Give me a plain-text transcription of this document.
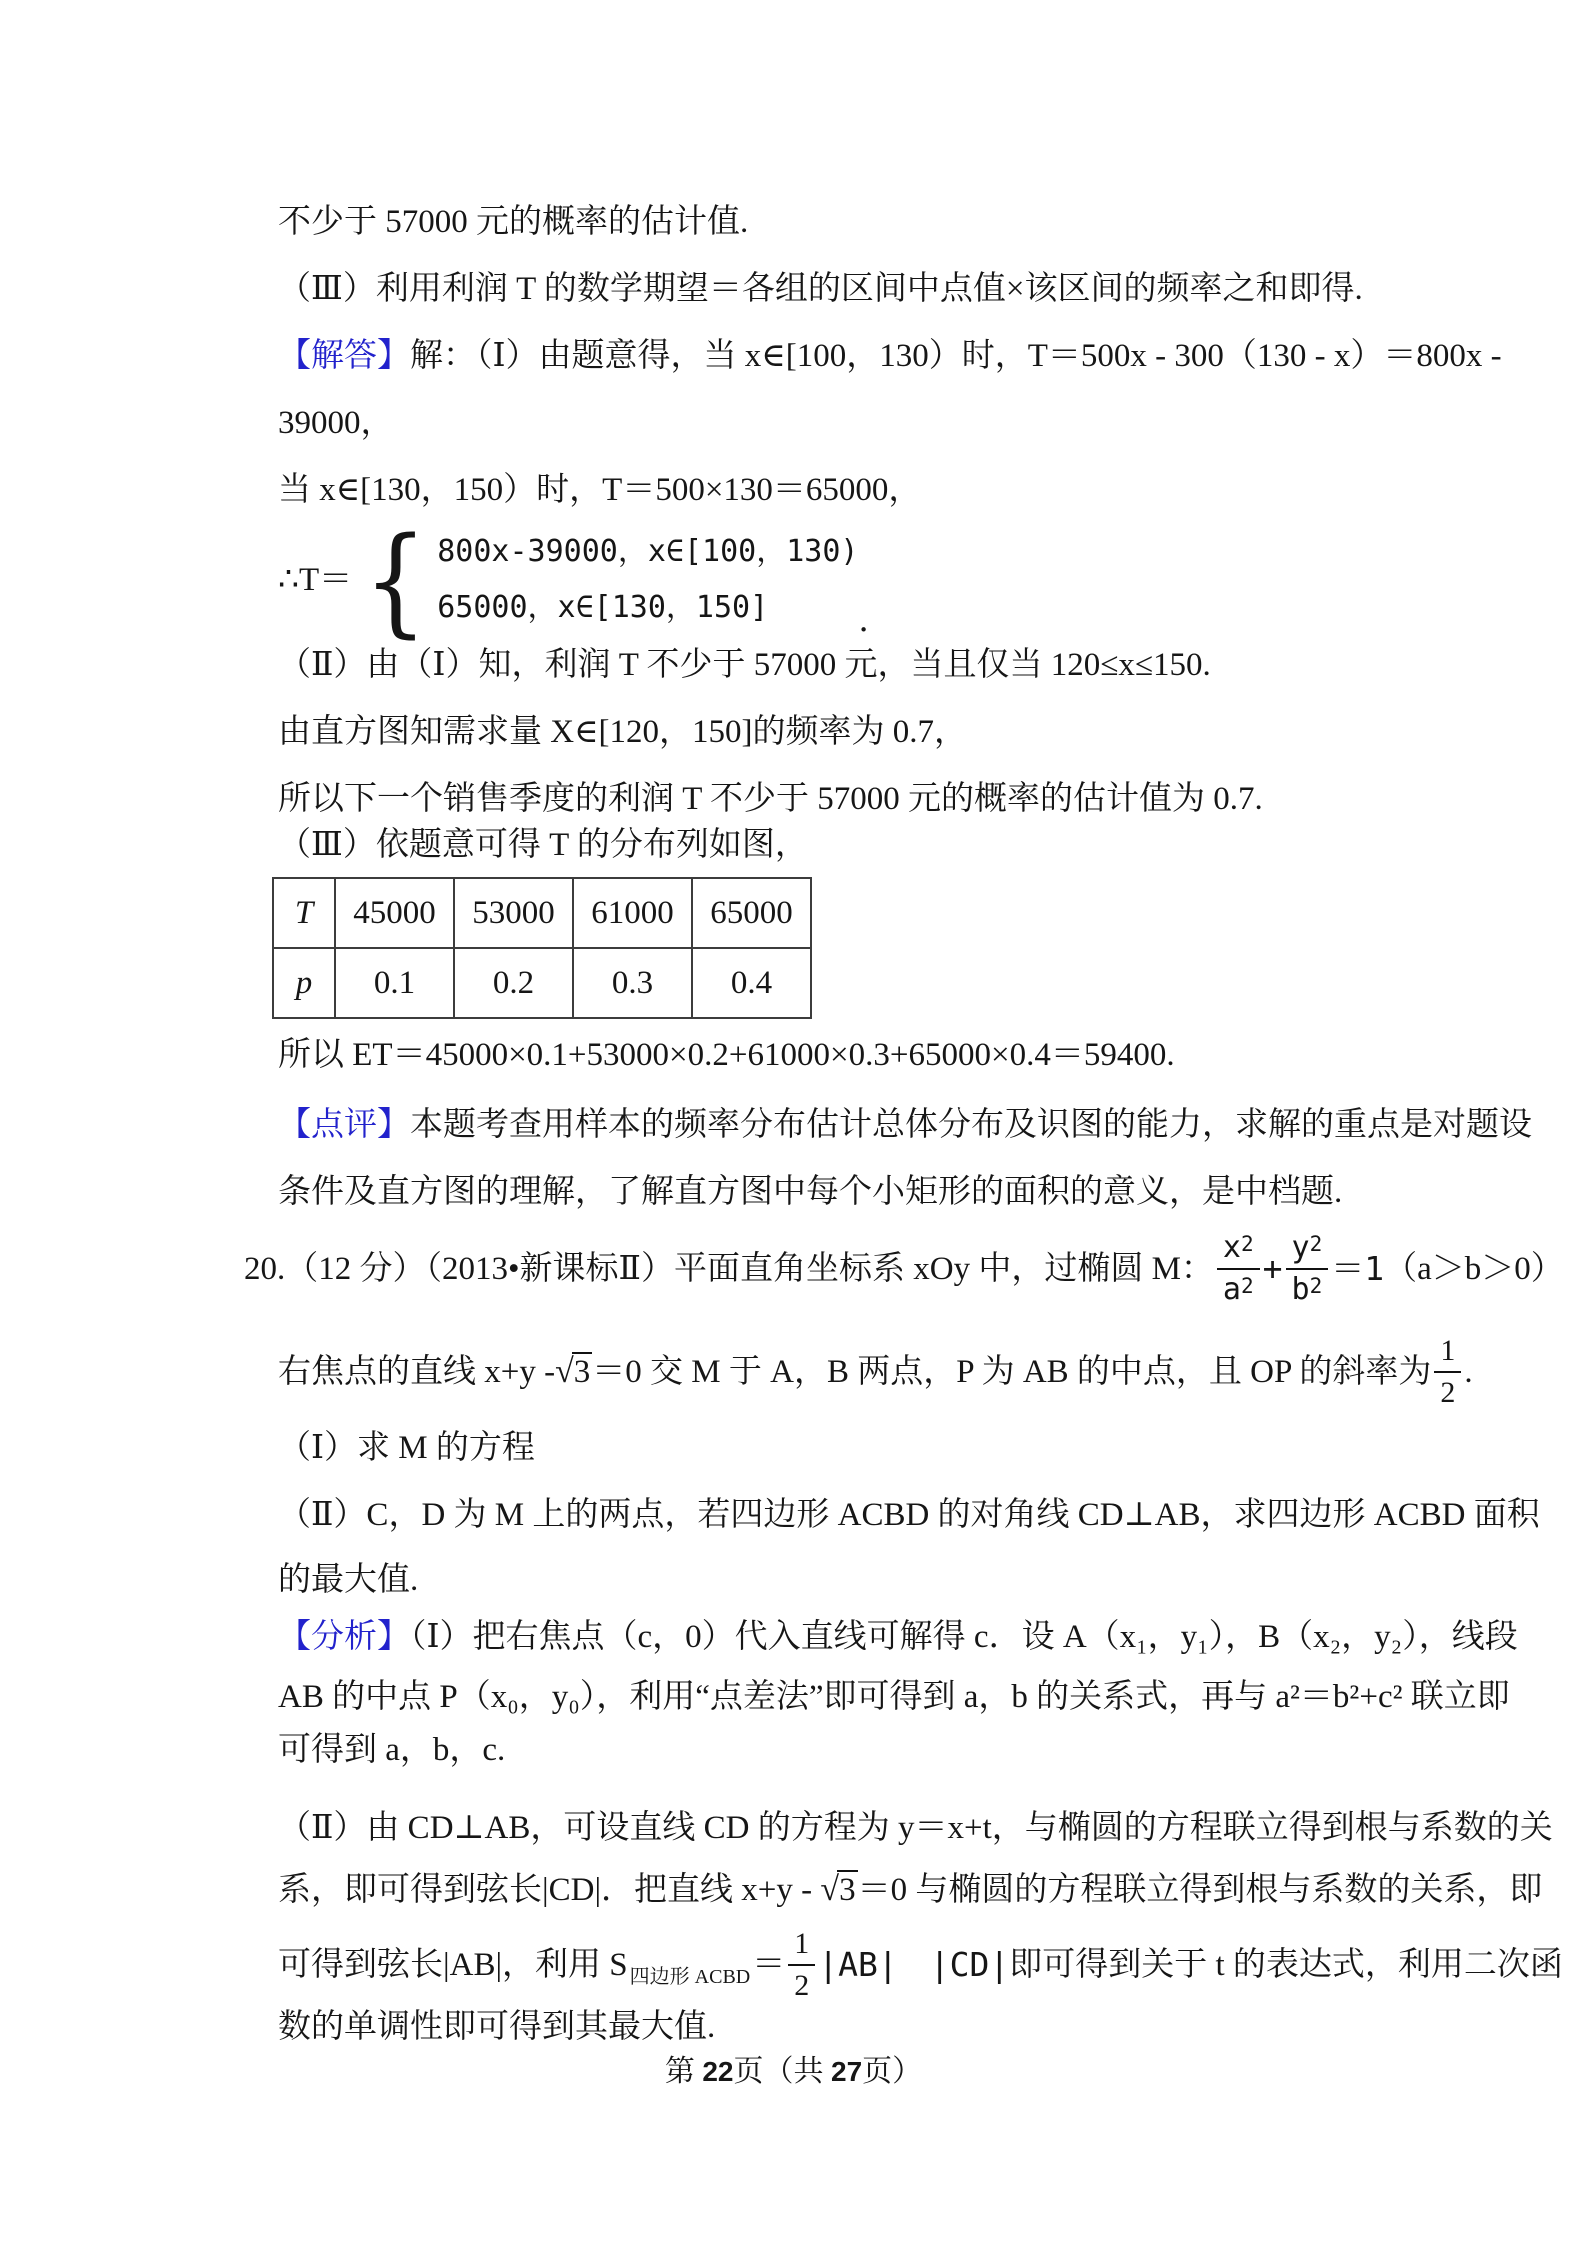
不少于 57000 元的概率的估计值.
（Ⅲ）利用利润 T 的数学期望＝各组的区间中点值×该区间的频率之和即得.
【解答】解：（Ⅰ）由题意得，当 x∈[100，130）时，T＝500x - 300（130 - x）＝800x -
39000，
当 x∈[130，150）时，T＝500×130＝65000，
∴T＝ { 800x-39000，x∈[100，130)
65000，x∈[130，150]	．
（Ⅱ）由（Ⅰ）知，利润 T 不少于 57000 元，当且仅当 120≤x≤150.
由直方图知需求量 X∈[120，150]的频率为 0.7，
所以下一个销售季度的利润 T 不少于 57000 元的概率的估计值为 0.7.
（Ⅲ）依题意可得 T 的分布列如图，
T	45000	53000	61000	65000
p	0.1	0.2	0.3	0.4
所以 ET＝45000×0.1+53000×0.2+61000×0.3+65000×0.4＝59400.
【点评】本题考查用样本的频率分布估计总体分布及识图的能力，求解的重点是对题设
条件及直方图的理解，了解直方图中每个小矩形的面积的意义，是中档题.
20.（12 分）（2013•新课标Ⅱ）平面直角坐标系 xOy 中，过椭圆 M： $\frac{x^2}{a^2} + \frac{y^2}{b^2} =1$ （a＞b＞0）
右焦点的直线 x+y - √3 ＝0 交 M 于 A，B 两点，P 为 AB 的中点，且 OP 的斜率为 $\frac{1}{2}$ .
（Ⅰ）求 M 的方程
（Ⅱ）C，D 为 M 上的两点，若四边形 ACBD 的对角线 CD⊥AB，求四边形 ACBD 面积
的最大值.
【分析】（Ⅰ）把右焦点（c，0）代入直线可解得 c．设 A（x₁，y₁），B（x₂，y₂），线段
AB 的中点 P（x₀，y₀），利用“点差法”即可得到 a，b 的关系式，再与 a²＝b²+c² 联立即
可得到 a，b，c.
（Ⅱ）由 CD⊥AB，可设直线 CD 的方程为 y＝x+t，与椭圆的方程联立得到根与系数的关
系，即可得到弦长|CD|．把直线 x+y - √3＝0 与椭圆的方程联立得到根与系数的关系，即
可得到弦长|AB|，利用 S 四边形 ACBD ＝ $\frac{1}{2} |AB|$ |CD| 即可得到关于 t 的表达式，利用二次函
数的单调性即可得到其最大值.
第 22页（共 27页）
